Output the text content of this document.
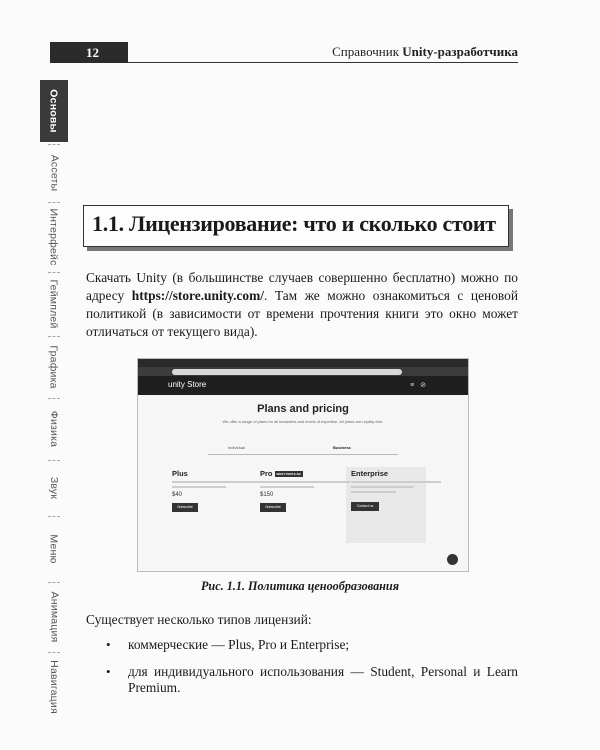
12	Справочник Unity-разработчика
Основы
Ассеты
Интерфейс
Геймплей
Графика
Физика
Звук
Меню
Анимация
Навигация
1.1. Лицензирование: что и сколько стоит
Скачать Unity (в большинстве случаев совершенно бесплатно) можно по адресу https://store.unity.com/. Там же можно ознакомиться с ценовой политикой (в зависимости от времени прочтения книги это окно может отличаться от текущего вида).
unity Store	≡ ⊘
Plans and pricing
We offer a range of plans for all industries and levels of expertise. All plans are royalty-free.
Individual	Business
Plus
$40
Subscribe
Pro MOST POPULAR
$150
Subscribe
Enterprise
Contact us
Рис. 1.1. Политика ценообразования
Существует несколько типов лицензий:
• коммерческие — Plus, Pro и Enterprise;
• для индивидуального использования — Student, Personal и Learn Premium.
